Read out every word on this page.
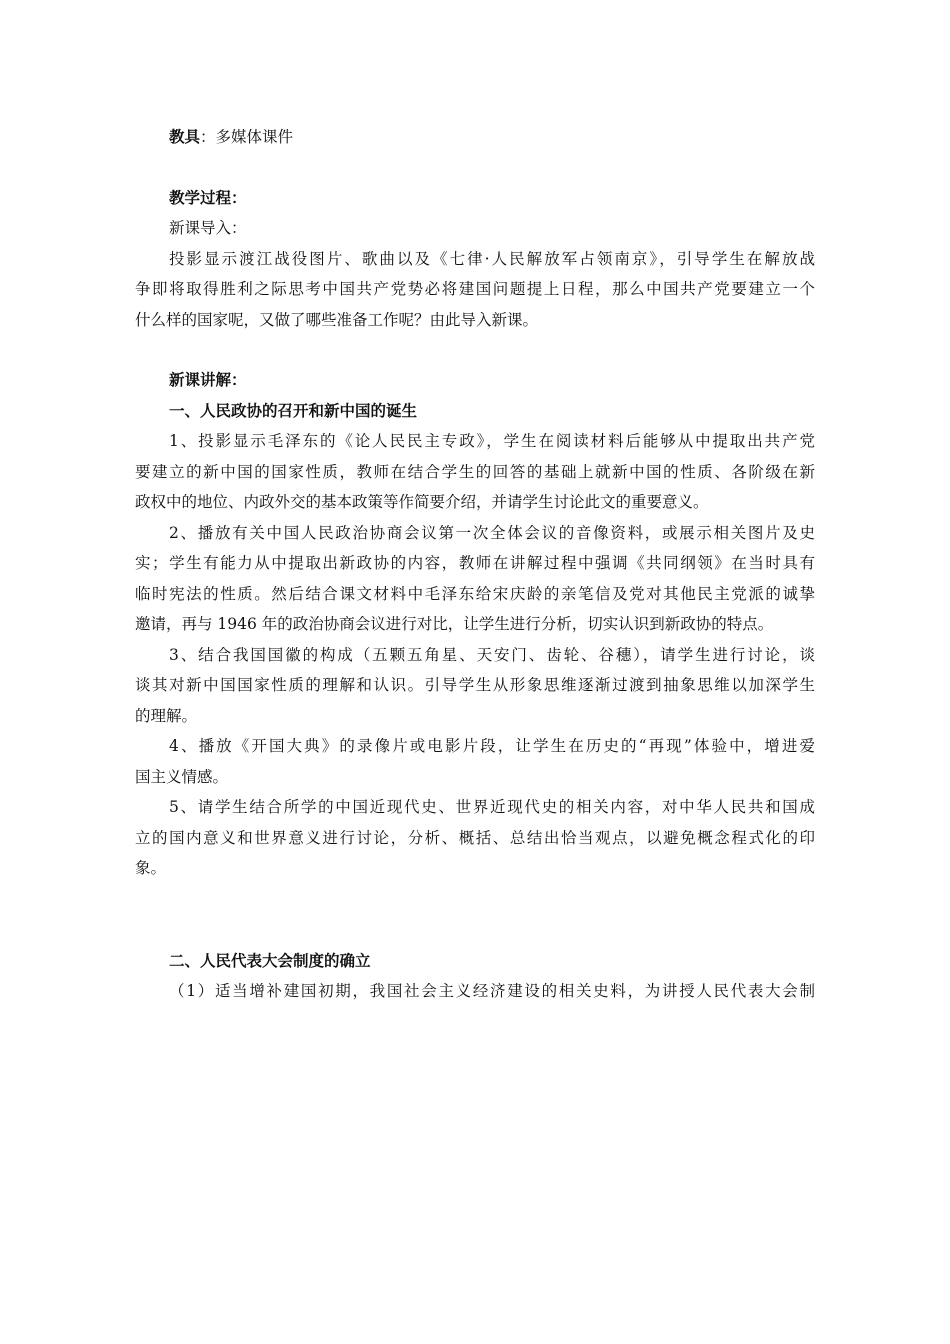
教具：多媒体课件
教学过程：
新课导入：
投影显示渡江战役图片、歌曲以及《七律·人民解放军占领南京》，引导学生在解放战
争即将取得胜利之际思考中国共产党势必将建国问题提上日程，那么中国共产党要建立一个
什么样的国家呢，又做了哪些准备工作呢？由此导入新课。
新课讲解：
一、人民政协的召开和新中国的诞生
1、投影显示毛泽东的《论人民民主专政》，学生在阅读材料后能够从中提取出共产党
要建立的新中国的国家性质，教师在结合学生的回答的基础上就新中国的性质、各阶级在新
政权中的地位、内政外交的基本政策等作简要介绍，并请学生讨论此文的重要意义。
2、播放有关中国人民政治协商会议第一次全体会议的音像资料，或展示相关图片及史
实；学生有能力从中提取出新政协的内容，教师在讲解过程中强调《共同纲领》在当时具有
临时宪法的性质。然后结合课文材料中毛泽东给宋庆龄的亲笔信及党对其他民主党派的诚挚
邀请，再与 1946 年的政治协商会议进行对比，让学生进行分析，切实认识到新政协的特点。
3、结合我国国徽的构成（五颗五角星、天安门、齿轮、谷穗），请学生进行讨论，谈
谈其对新中国国家性质的理解和认识。引导学生从形象思维逐渐过渡到抽象思维以加深学生
的理解。
4、播放《开国大典》的录像片或电影片段，让学生在历史的“再现”体验中，增进爱
国主义情感。
5、请学生结合所学的中国近现代史、世界近现代史的相关内容，对中华人民共和国成
立的国内意义和世界意义进行讨论，分析、概括、总结出恰当观点，以避免概念程式化的印
象。
二、人民代表大会制度的确立
（1）适当增补建国初期，我国社会主义经济建设的相关史料，为讲授人民代表大会制
